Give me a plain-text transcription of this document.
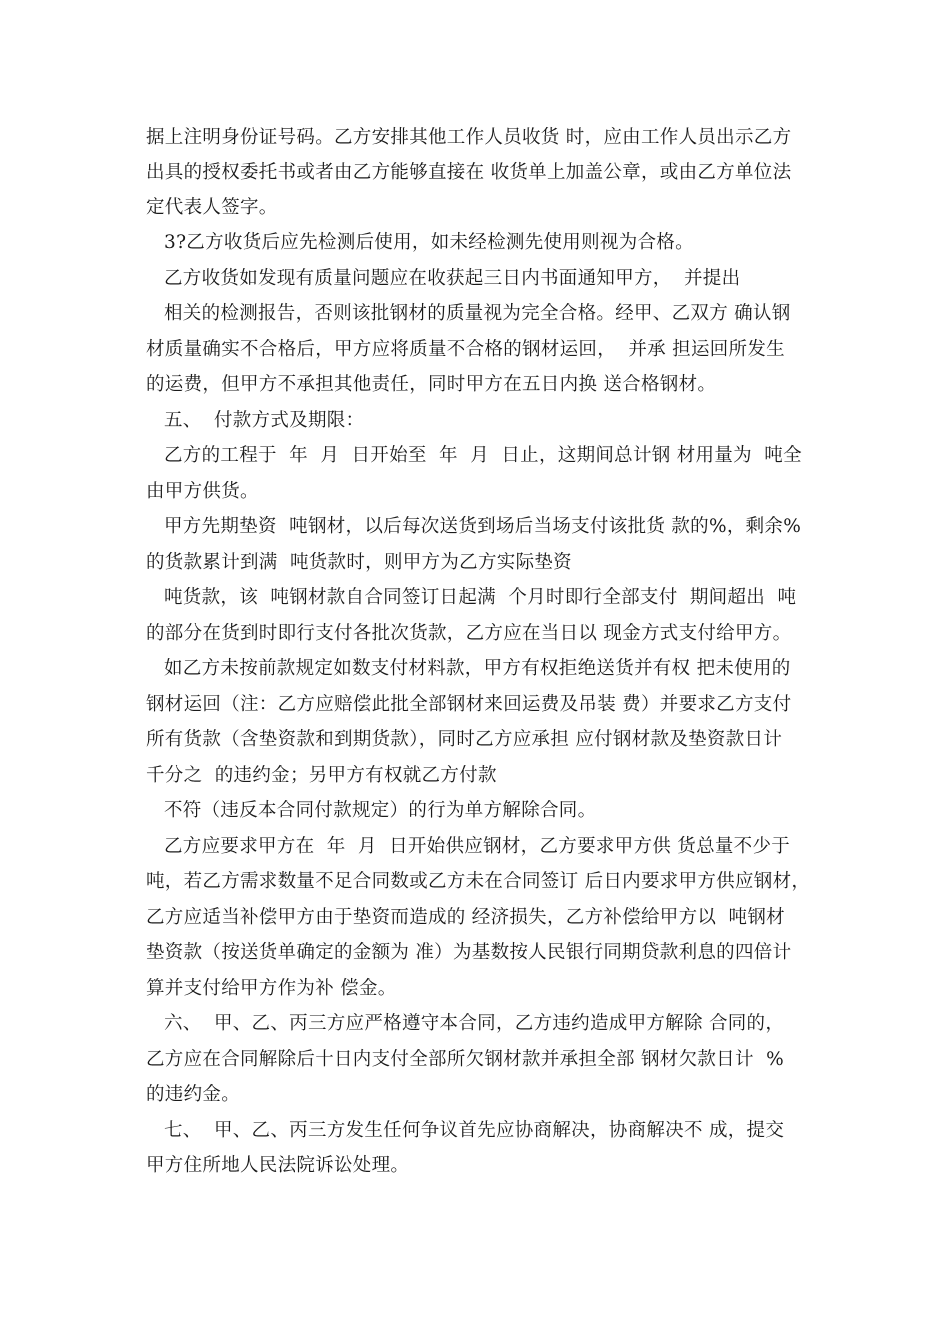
据上注明身份证号码。乙方安排其他工作人员收货 时，应由工作人员出示乙方
出具的授权委托书或者由乙方能够直接在 收货单上加盖公章，或由乙方单位法
定代表人签字。
3?乙方收货后应先检测后使用，如未经检测先使用则视为合格。
乙方收货如发现有质量问题应在收获起三日内书面通知甲方，  并提出
相关的检测报告，否则该批钢材的质量视为完全合格。经甲、乙双方 确认钢
材质量确实不合格后，甲方应将质量不合格的钢材运回，  并承 担运回所发生
的运费，但甲方不承担其他责任，同时甲方在五日内换 送合格钢材。
五、  付款方式及期限：
乙方的工程于  年  月  日开始至  年  月  日止，这期间总计钢 材用量为  吨全
由甲方供货。
甲方先期垫资  吨钢材，以后每次送货到场后当场支付该批货 款的%，剩余%
的货款累计到满  吨货款时，则甲方为乙方实际垫资
吨货款，该  吨钢材款自合同签订日起满  个月时即行全部支付  期间超出  吨
的部分在货到时即行支付各批次货款，乙方应在当日以 现金方式支付给甲方。
如乙方未按前款规定如数支付材料款，甲方有权拒绝送货并有权 把未使用的
钢材运回（注：乙方应赔偿此批全部钢材来回运费及吊装 费）并要求乙方支付
所有货款（含垫资款和到期货款），同时乙方应承担 应付钢材款及垫资款日计
千分之  的违约金；另甲方有权就乙方付款
不符（违反本合同付款规定）的行为单方解除合同。
乙方应要求甲方在  年  月  日开始供应钢材，乙方要求甲方供 货总量不少于
吨，若乙方需求数量不足合同数或乙方未在合同签订 后日内要求甲方供应钢材，
乙方应适当补偿甲方由于垫资而造成的 经济损失，乙方补偿给甲方以  吨钢材
垫资款（按送货单确定的金额为 准）为基数按人民银行同期贷款利息的四倍计
算并支付给甲方作为补 偿金。
六、  甲、乙、丙三方应严格遵守本合同，乙方违约造成甲方解除 合同的，
乙方应在合同解除后十日内支付全部所欠钢材款并承担全部 钢材欠款日计  %
的违约金。
七、  甲、乙、丙三方发生任何争议首先应协商解决，协商解决不 成，提交
甲方住所地人民法院诉讼处理。
